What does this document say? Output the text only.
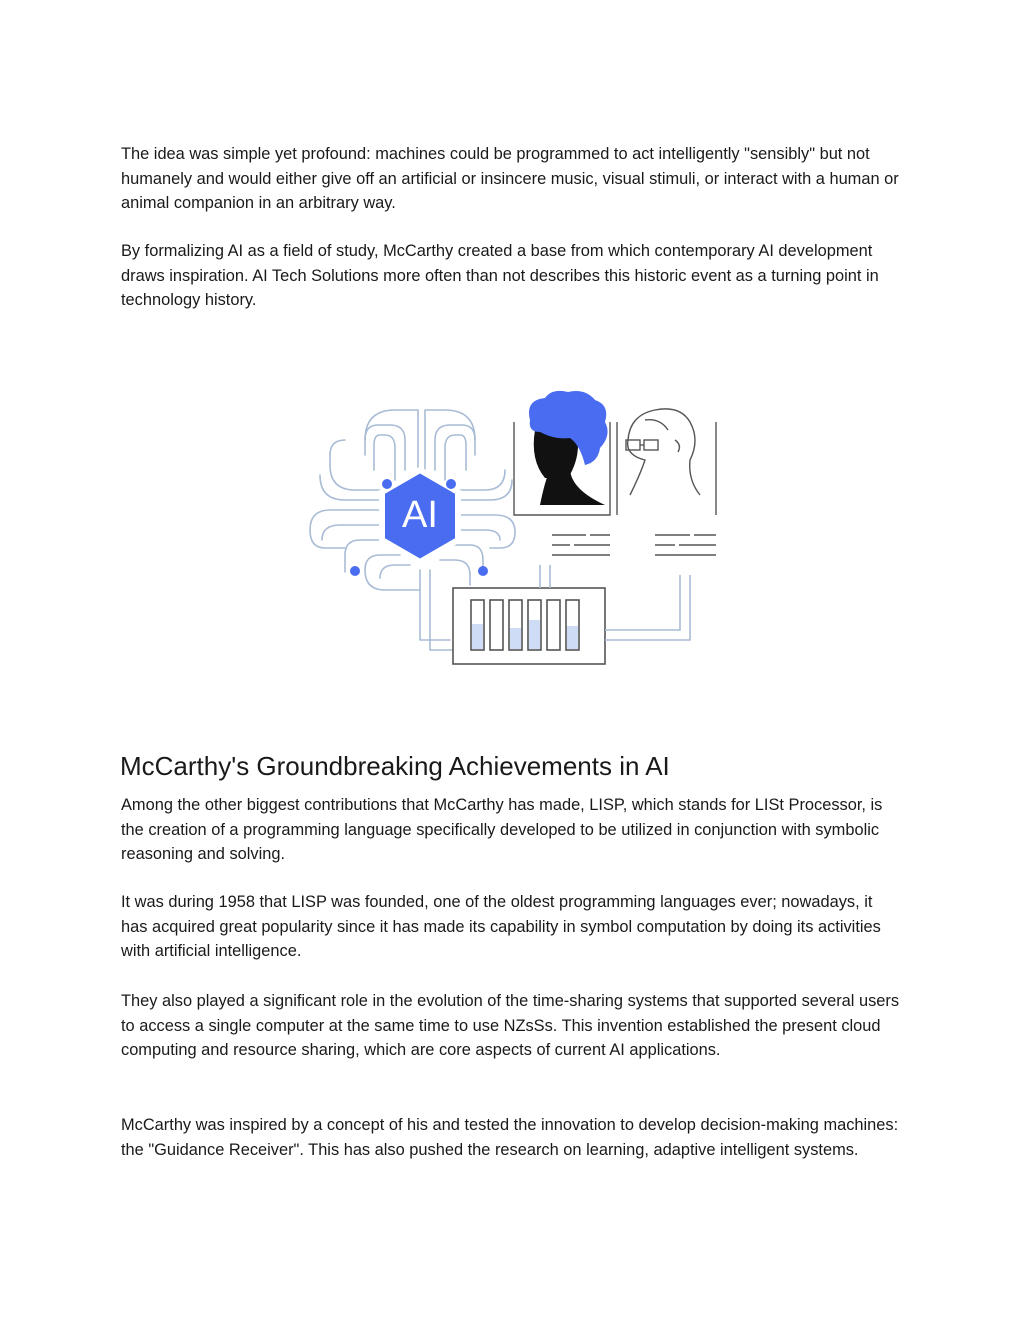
The idea was simple yet profound: machines could be programmed to act intelligently "sensibly" but not humanely and would either give off an artificial or insincere music, visual stimuli, or interact with a human or animal companion in an arbitrary way.

By formalizing AI as a field of study, McCarthy created a base from which contemporary AI development draws inspiration. AI Tech Solutions more often than not describes this historic event as a turning point in technology history.

AI
McCarthy's Groundbreaking Achievements in AI

Among the other biggest contributions that McCarthy has made, LISP, which stands for LISt Processor, is the creation of a programming language specifically developed to be utilized in conjunction with symbolic reasoning and solving.

It was during 1958 that LISP was founded, one of the oldest programming languages ever; nowadays, it has acquired great popularity since it has made its capability in symbol computation by doing its activities with artificial intelligence.

They also played a significant role in the evolution of the time-sharing systems that supported several users to access a single computer at the same time to use NZsSs. This invention established the present cloud computing and resource sharing, which are core aspects of current AI applications.

McCarthy was inspired by a concept of his and tested the innovation to develop decision-making machines: the "Guidance Receiver". This has also pushed the research on learning, adaptive intelligent systems.
